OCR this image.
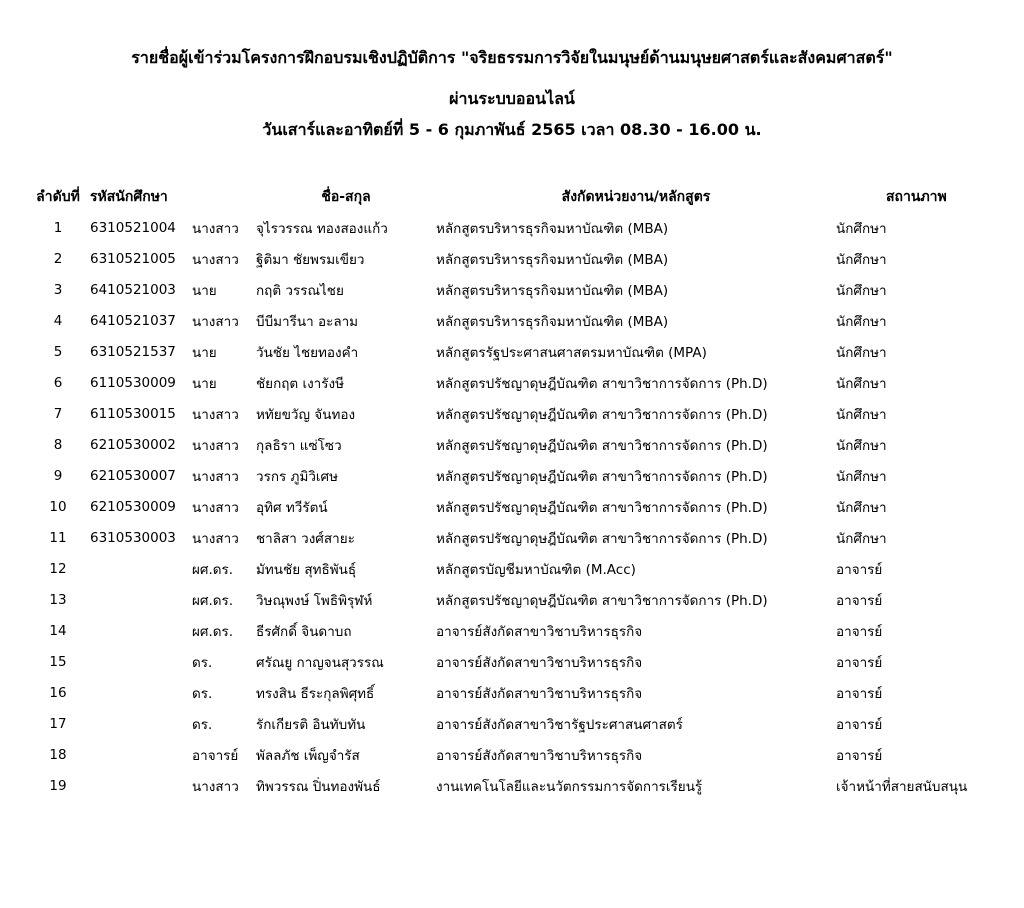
รายชื่อผู้เข้าร่วมโครงการฝึกอบรมเชิงปฏิบัติการ "จริยธรรมการวิจัยในมนุษย์ด้านมนุษยศาสตร์และสังคมศาสตร์"
ผ่านระบบออนไลน์
วันเสาร์และอาทิตย์ที่ 5 - 6 กุมภาพันธ์ 2565 เวลา 08.30 - 16.00 น.
ลำดับที่	รหัสนักศึกษา		ชื่อ-สกุล	สังกัดหน่วยงาน/หลักสูตร	สถานภาพ
1	6310521004	นางสาว	จุไรวรรณ ทองสองแก้ว	หลักสูตรบริหารธุรกิจมหาบัณฑิต (MBA)	นักศึกษา
2	6310521005	นางสาว	ฐิติมา ชัยพรมเขียว	หลักสูตรบริหารธุรกิจมหาบัณฑิต (MBA)	นักศึกษา
3	6410521003	นาย	กฤติ วรรณไชย	หลักสูตรบริหารธุรกิจมหาบัณฑิต (MBA)	นักศึกษา
4	6410521037	นางสาว	บีบีมารีนา อะลาม	หลักสูตรบริหารธุรกิจมหาบัณฑิต (MBA)	นักศึกษา
5	6310521537	นาย	วันชัย ไชยทองคำ	หลักสูตรรัฐประศาสนศาสตรมหาบัณฑิต (MPA)	นักศึกษา
6	6110530009	นาย	ชัยกฤต เงารังษี	หลักสูตรปรัชญาดุษฎีบัณฑิต สาขาวิชาการจัดการ (Ph.D)	นักศึกษา
7	6110530015	นางสาว	หทัยขวัญ จันทอง	หลักสูตรปรัชญาดุษฎีบัณฑิต สาขาวิชาการจัดการ (Ph.D)	นักศึกษา
8	6210530002	นางสาว	กุลธิรา แซ่โซว	หลักสูตรปรัชญาดุษฎีบัณฑิต สาขาวิชาการจัดการ (Ph.D)	นักศึกษา
9	6210530007	นางสาว	วรกร ภูมิวิเศษ	หลักสูตรปรัชญาดุษฎีบัณฑิต สาขาวิชาการจัดการ (Ph.D)	นักศึกษา
10	6210530009	นางสาว	อุทิศ ทวีรัตน์	หลักสูตรปรัชญาดุษฎีบัณฑิต สาขาวิชาการจัดการ (Ph.D)	นักศึกษา
11	6310530003	นางสาว	ชาลิสา วงศ์สายะ	หลักสูตรปรัชญาดุษฎีบัณฑิต สาขาวิชาการจัดการ (Ph.D)	นักศึกษา
12		ผศ.ดร.	มัทนชัย สุทธิพันธุ์	หลักสูตรบัญชีมหาบัณฑิต (M.Acc)	อาจารย์
13		ผศ.ดร.	วิษณุพงษ์ โพธิพิรุฬห์	หลักสูตรปรัชญาดุษฎีบัณฑิต สาขาวิชาการจัดการ (Ph.D)	อาจารย์
14		ผศ.ดร.	ธีรศักดิ์ จินดาบถ	อาจารย์สังกัดสาขาวิชาบริหารธุรกิจ	อาจารย์
15		ดร.	ศรัณยู กาญจนสุวรรณ	อาจารย์สังกัดสาขาวิชาบริหารธุรกิจ	อาจารย์
16		ดร.	ทรงสิน ธีระกุลพิศุทธิ์	อาจารย์สังกัดสาขาวิชาบริหารธุรกิจ	อาจารย์
17		ดร.	รักเกียรติ อินทับทัน	อาจารย์สังกัดสาขาวิชารัฐประศาสนศาสตร์	อาจารย์
18		อาจารย์	พัลลภัช เพ็ญจำรัส	อาจารย์สังกัดสาขาวิชาบริหารธุรกิจ	อาจารย์
19		นางสาว	ทิพวรรณ ปิ่นทองพันธ์	งานเทคโนโลยีและนวัตกรรมการจัดการเรียนรู้	เจ้าหน้าที่สายสนับสนุน
